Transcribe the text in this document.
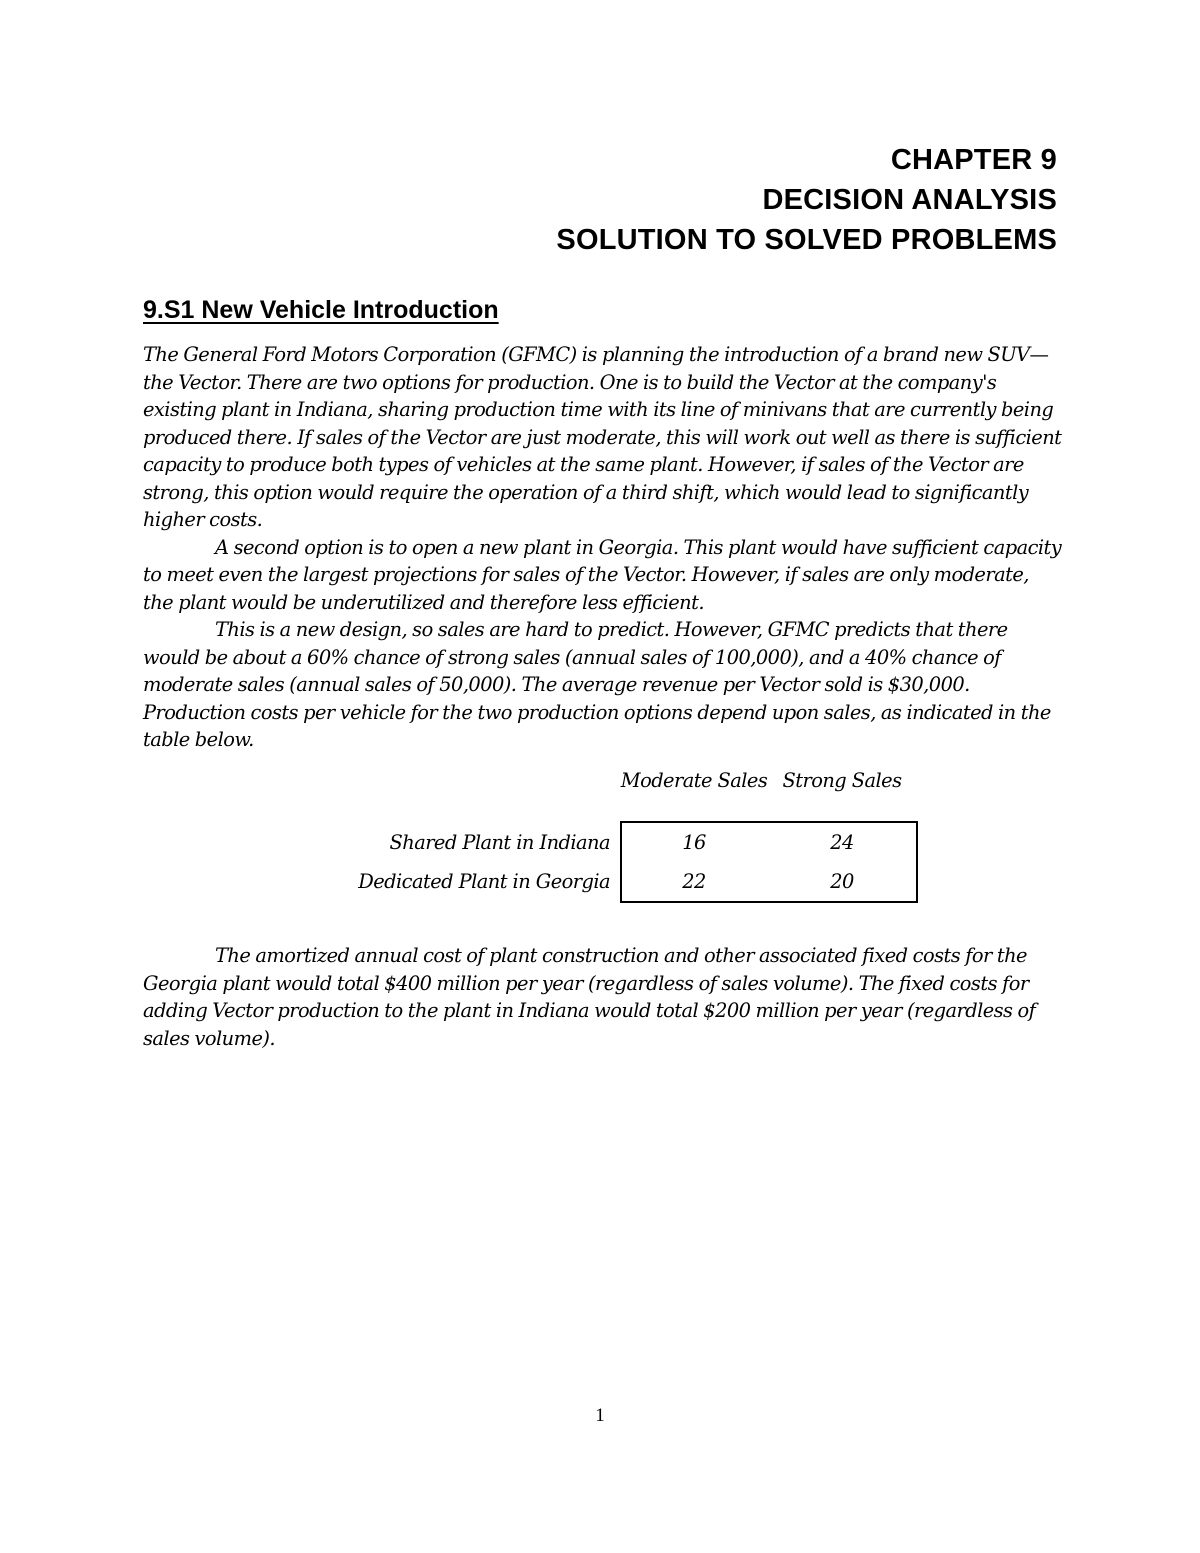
CHAPTER 9
DECISION ANALYSIS
SOLUTION TO SOLVED PROBLEMS
9.S1 New Vehicle Introduction

The General Ford Motors Corporation (GFMC) is planning the introduction of a brand new SUV—the Vector. There are two options for production. One is to build the Vector at the company's existing plant in Indiana, sharing production time with its line of minivans that are currently being produced there. If sales of the Vector are just moderate, this will work out well as there is sufficient capacity to produce both types of vehicles at the same plant. However, if sales of the Vector are strong, this option would require the operation of a third shift, which would lead to significantly higher costs.

A second option is to open a new plant in Georgia. This plant would have sufficient capacity to meet even the largest projections for sales of the Vector. However, if sales are only moderate, the plant would be underutilized and therefore less efficient.

This is a new design, so sales are hard to predict. However, GFMC predicts that there would be about a 60% chance of strong sales (annual sales of 100,000), and a 40% chance of moderate sales (annual sales of 50,000). The average revenue per Vector sold is $30,000. Production costs per vehicle for the two production options depend upon sales, as indicated in the table below.

Moderate Sales Strong Sales
Shared Plant in Indiana
Dedicated Plant in Georgia
16	24
22	20

The amortized annual cost of plant construction and other associated fixed costs for the Georgia plant would total $400 million per year (regardless of sales volume). The fixed costs for adding Vector production to the plant in Indiana would total $200 million per year (regardless of sales volume).

1
